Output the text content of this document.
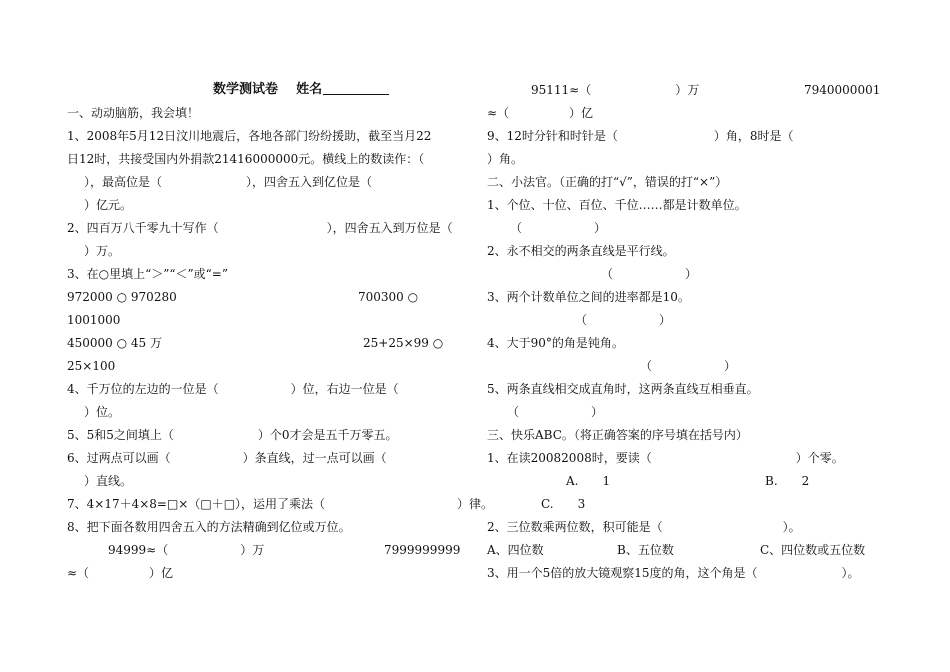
数学测试卷 姓名
一、动动脑筋，我会填！
1、2008年5月12日汶川地震后，各地各部门纷纷援助，截至当月22
日12时，共接受国内外捐款21416000000元。横线上的数读作：（
），最高位是（　　　　　　　），四舍五入到亿位是（
）亿元。
2、四百万八千零九十写作（　　　　　　　　　），四舍五入到万位是（
）万。
3、在○里填上“＞”“＜”或“=”
972000 ○ 970280	700300 ○
1001000
450000 ○ 45 万	25+25×99 ○
25×100
4、千万位的左边的一位是（　　　　　　）位，右边一位是（
）位。
5、5和5之间填上（　　　　　　　）个0才会是五千万零五。
6、过两点可以画（　　　　　　）条直线，过一点可以画（
）直线。
7、4×17＋4×8=□×（□＋□），运用了乘法（　　　　　　　　　　　）律。
8、把下面各数用四舍五入的方法精确到亿位或万位。
94999≈（　　　　　　）万	7999999999
≈（　　　　　）亿
95111≈（　　　　　　　）万	7940000001
≈（　　　　　）亿
9、12时分针和时针是（　　　　　　　　）角，8时是（
）角。
二、小法官。（正确的打“√”，错误的打“×”）
1、个位、十位、百位、千位……都是计数单位。
（　　　　　　）
2、永不相交的两条直线是平行线。
（　　　　　　）
3、两个计数单位之间的进率都是10。
（　　　　　　）
4、大于90°的角是钝角。
（　　　　　　）
5、两条直线相交成直角时，这两条直线互相垂直。
（　　　　　　）
三、快乐ABC。（将正确答案的序号填在括号内）
1、在读20082008时，要读（　　　　　　　　　　　　）个零。
A.　　1	B.　　2
C.　　3
2、三位数乘两位数，积可能是（　　　　　　　　　　）。
A、四位数	B、五位数	C、四位数或五位数
3、用一个5倍的放大镜观察15度的角，这个角是（　　　　　　　）。
